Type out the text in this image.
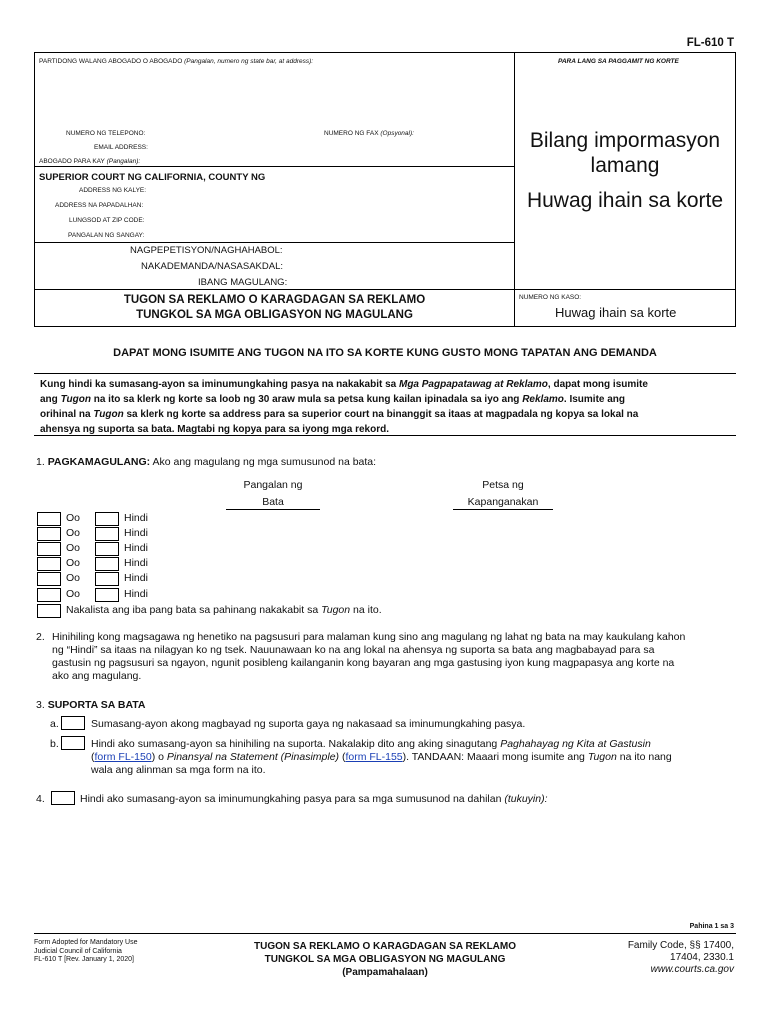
FL-610 T
PARTIDONG WALANG ABOGADO O ABOGADO (Pangalan, numero ng state bar, at address):	PARA LANG SA PAGGAMIT NG KORTE
NUMERO NG TELEPONO:	NUMERO NG FAX (Opsyonal):
EMAIL ADDRESS:
ABOGADO PARA KAY (Pangalan):
SUPERIOR COURT NG CALIFORNIA, COUNTY NG
ADDRESS NG KALYE:
ADDRESS NA PAPADALHAN:
LUNGSOD AT ZIP CODE:
PANGALAN NG SANGAY:
NAGPEPETISYON/NAGHAHABOL:
NAKADEMANDA/NASASAKDAL:
IBANG MAGULANG:
Bilang impormasyon lamang
Huwag ihain sa korte
TUGON SA REKLAMO O KARAGDAGAN SA REKLAMO
TUNGKOL SA MGA OBLIGASYON NG MAGULANG
NUMERO NG KASO:
Huwag ihain sa korte
DAPAT MONG ISUMITE ANG TUGON NA ITO SA KORTE KUNG GUSTO MONG TAPATAN ANG DEMANDA
Kung hindi ka sumasang-ayon sa iminumungkahing pasya na nakakabit sa Mga Pagpapatawag at Reklamo, dapat mong isumite
ang Tugon na ito sa klerk ng korte sa loob ng 30 araw mula sa petsa kung kailan ipinadala sa iyo ang Reklamo. Isumite ang
orihinal na Tugon sa klerk ng korte sa address para sa superior court na binanggit sa itaas at magpadala ng kopya sa lokal na
ahensya ng suporta sa bata. Magtabi ng kopya para sa iyong mga rekord.
1. PAGKAMAGULANG: Ako ang magulang ng mga sumusunod na bata:
Pangalan ng
Bata
Petsa ng
Kapanganakan
Oo	Hindi
Oo	Hindi
Oo	Hindi
Oo	Hindi
Oo	Hindi
Oo	Hindi
Nakalista ang iba pang bata sa pahinang nakakabit sa Tugon na ito.
2. Hinihiling kong magsagawa ng henetiko na pagsusuri para malaman kung sino ang magulang ng lahat ng bata na may kaukulang kahon
ng “Hindi” sa itaas na nilagyan ko ng tsek. Nauunawaan ko na ang lokal na ahensya ng suporta sa bata ang magbabayad para sa
gastusin ng pagsusuri sa ngayon, ngunit posibleng kailanganin kong bayaran ang mga gastusing iyon kung magpapasya ang korte na
ako ang magulang.
3. SUPORTA SA BATA
a.	Sumasang-ayon akong magbayad ng suporta gaya ng nakasaad sa iminumungkahing pasya.
b.	Hindi ako sumasang-ayon sa hinihiling na suporta. Nakalakip dito ang aking sinagutang Paghahayag ng Kita at Gastusin
(form FL-150) o Pinansyal na Statement (Pinasimple) (form FL-155). TANDAAN: Maaari mong isumite ang Tugon na ito nang
wala ang alinman sa mga form na ito.
4.	Hindi ako sumasang-ayon sa iminumungkahing pasya para sa mga sumusunod na dahilan (tukuyin):
Pahina 1 sa 3
Form Adopted for Mandatory Use
Judicial Council of California
FL-610 T [Rev. January 1, 2020]
TUGON SA REKLAMO O KARAGDAGAN SA REKLAMO
TUNGKOL SA MGA OBLIGASYON NG MAGULANG
(Pampamahalaan)
Family Code, §§ 17400,
17404, 2330.1
www.courts.ca.gov
